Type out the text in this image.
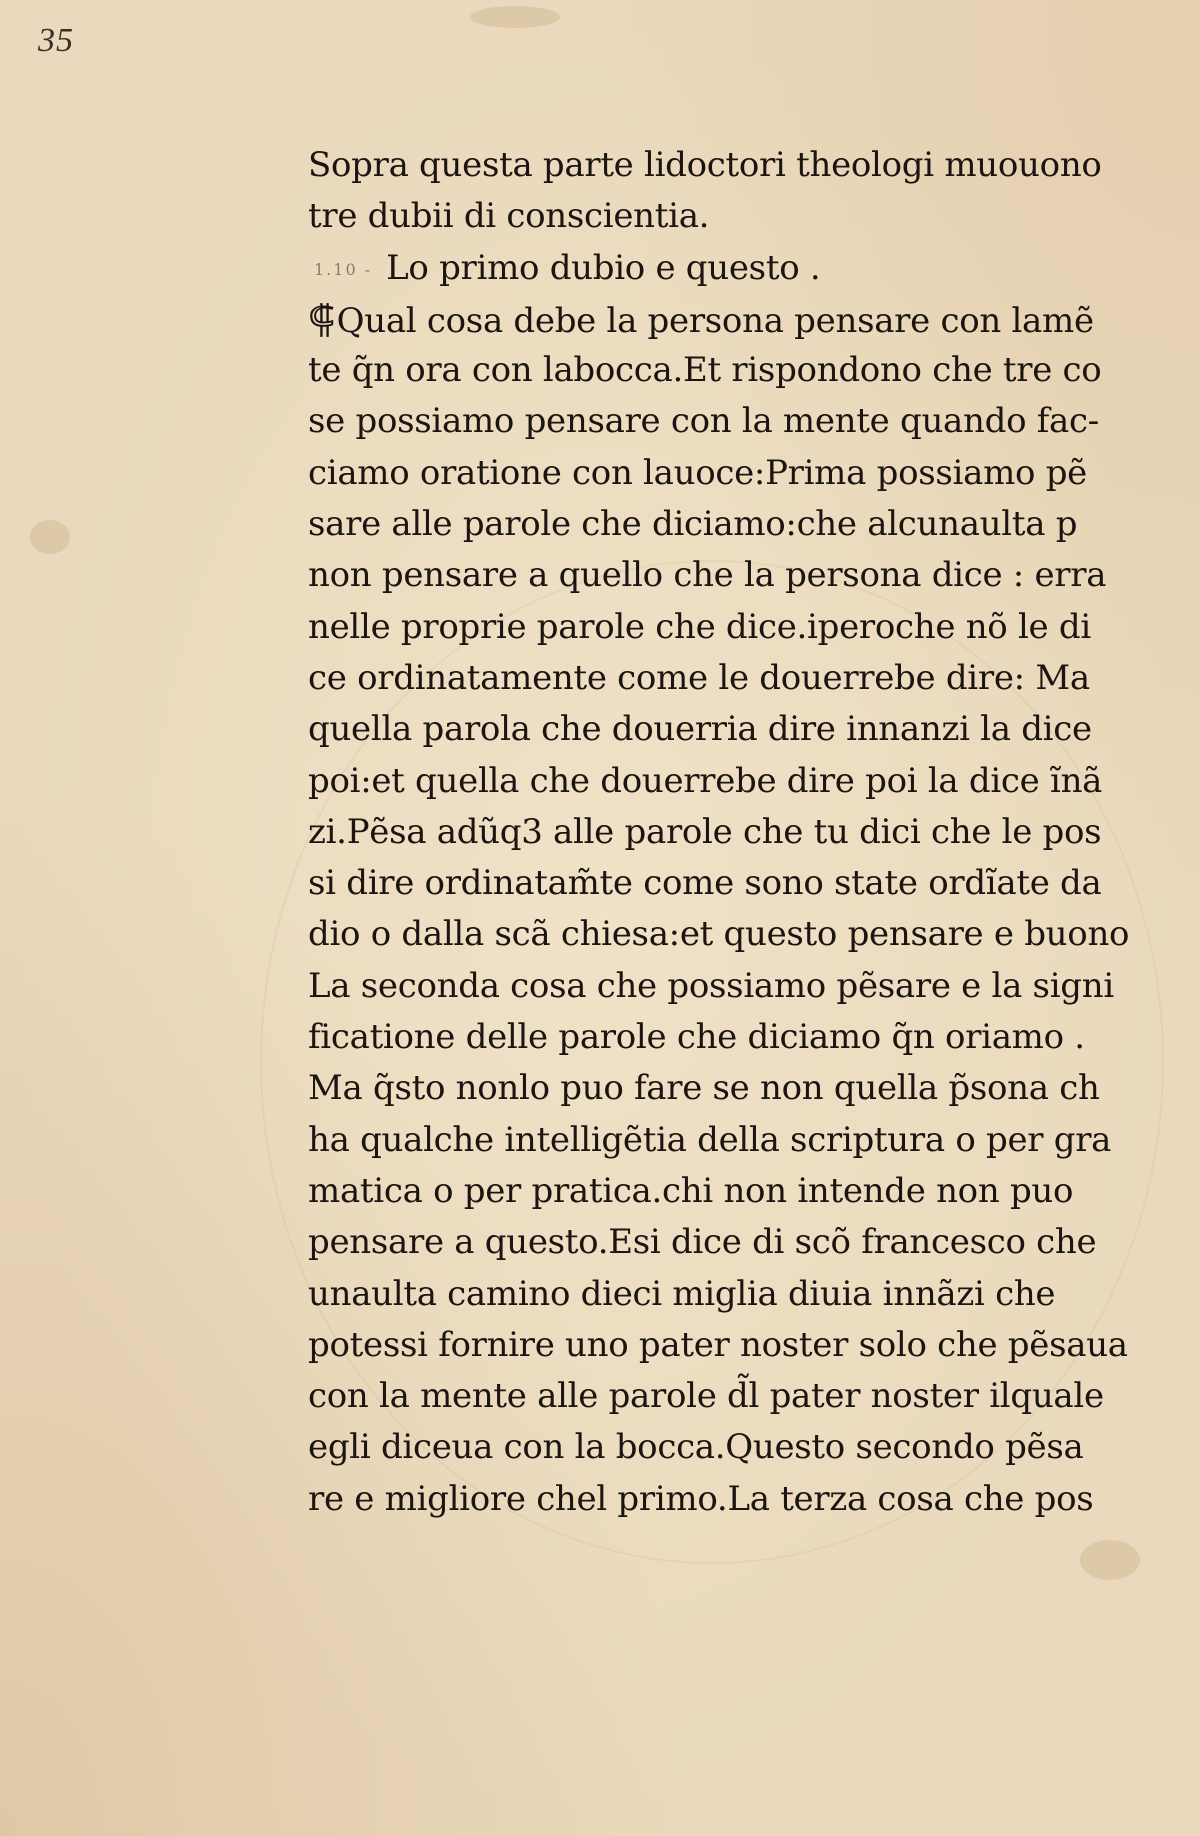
35
Sopra questa parte lidoctori theologi muouono
tre dubii di conscientia.
1.10 - Lo primo dubio e questo .
⸿Qual cosa debe la persona pensare con lamẽ
te q̃n ora con labocca.Et rispondono che tre co
se possiamo pensare con la mente quando fac-
ciamo oratione con lauoce:Prima possiamo pẽ
sare alle parole che diciamo:che alcunaulta p
non pensare a quello che la persona dice : erra
nelle proprie parole che dice.iperoche nõ le di
ce ordinatamente come le douerrebe dire: Ma
quella parola che douerria dire innanzi la dice
poi:et quella che douerrebe dire poi la dice ĩnã
zi.Pẽsa adũq3 alle parole che tu dici che le pos
si dire ordinatam̃te come sono state ordĩate da
dio o dalla scã chiesa:et questo pensare e buono
La seconda cosa che possiamo pẽsare e la signi
ficatione delle parole che diciamo q̃n oriamo .
Ma q̃sto nonlo puo fare se non quella p̃sona ch
ha qualche intelligẽtia della scriptura o per gra
matica o per pratica.chi non intende non puo
pensare a questo.Esi dice di scõ francesco che
unaulta camino dieci miglia diuia innãzi che
potessi fornire uno pater noster solo che pẽsaua
con la mente alle parole d̃l pater noster ilquale
egli diceua con la bocca.Questo secondo pẽsa
re e migliore chel primo.La terza cosa che pos
